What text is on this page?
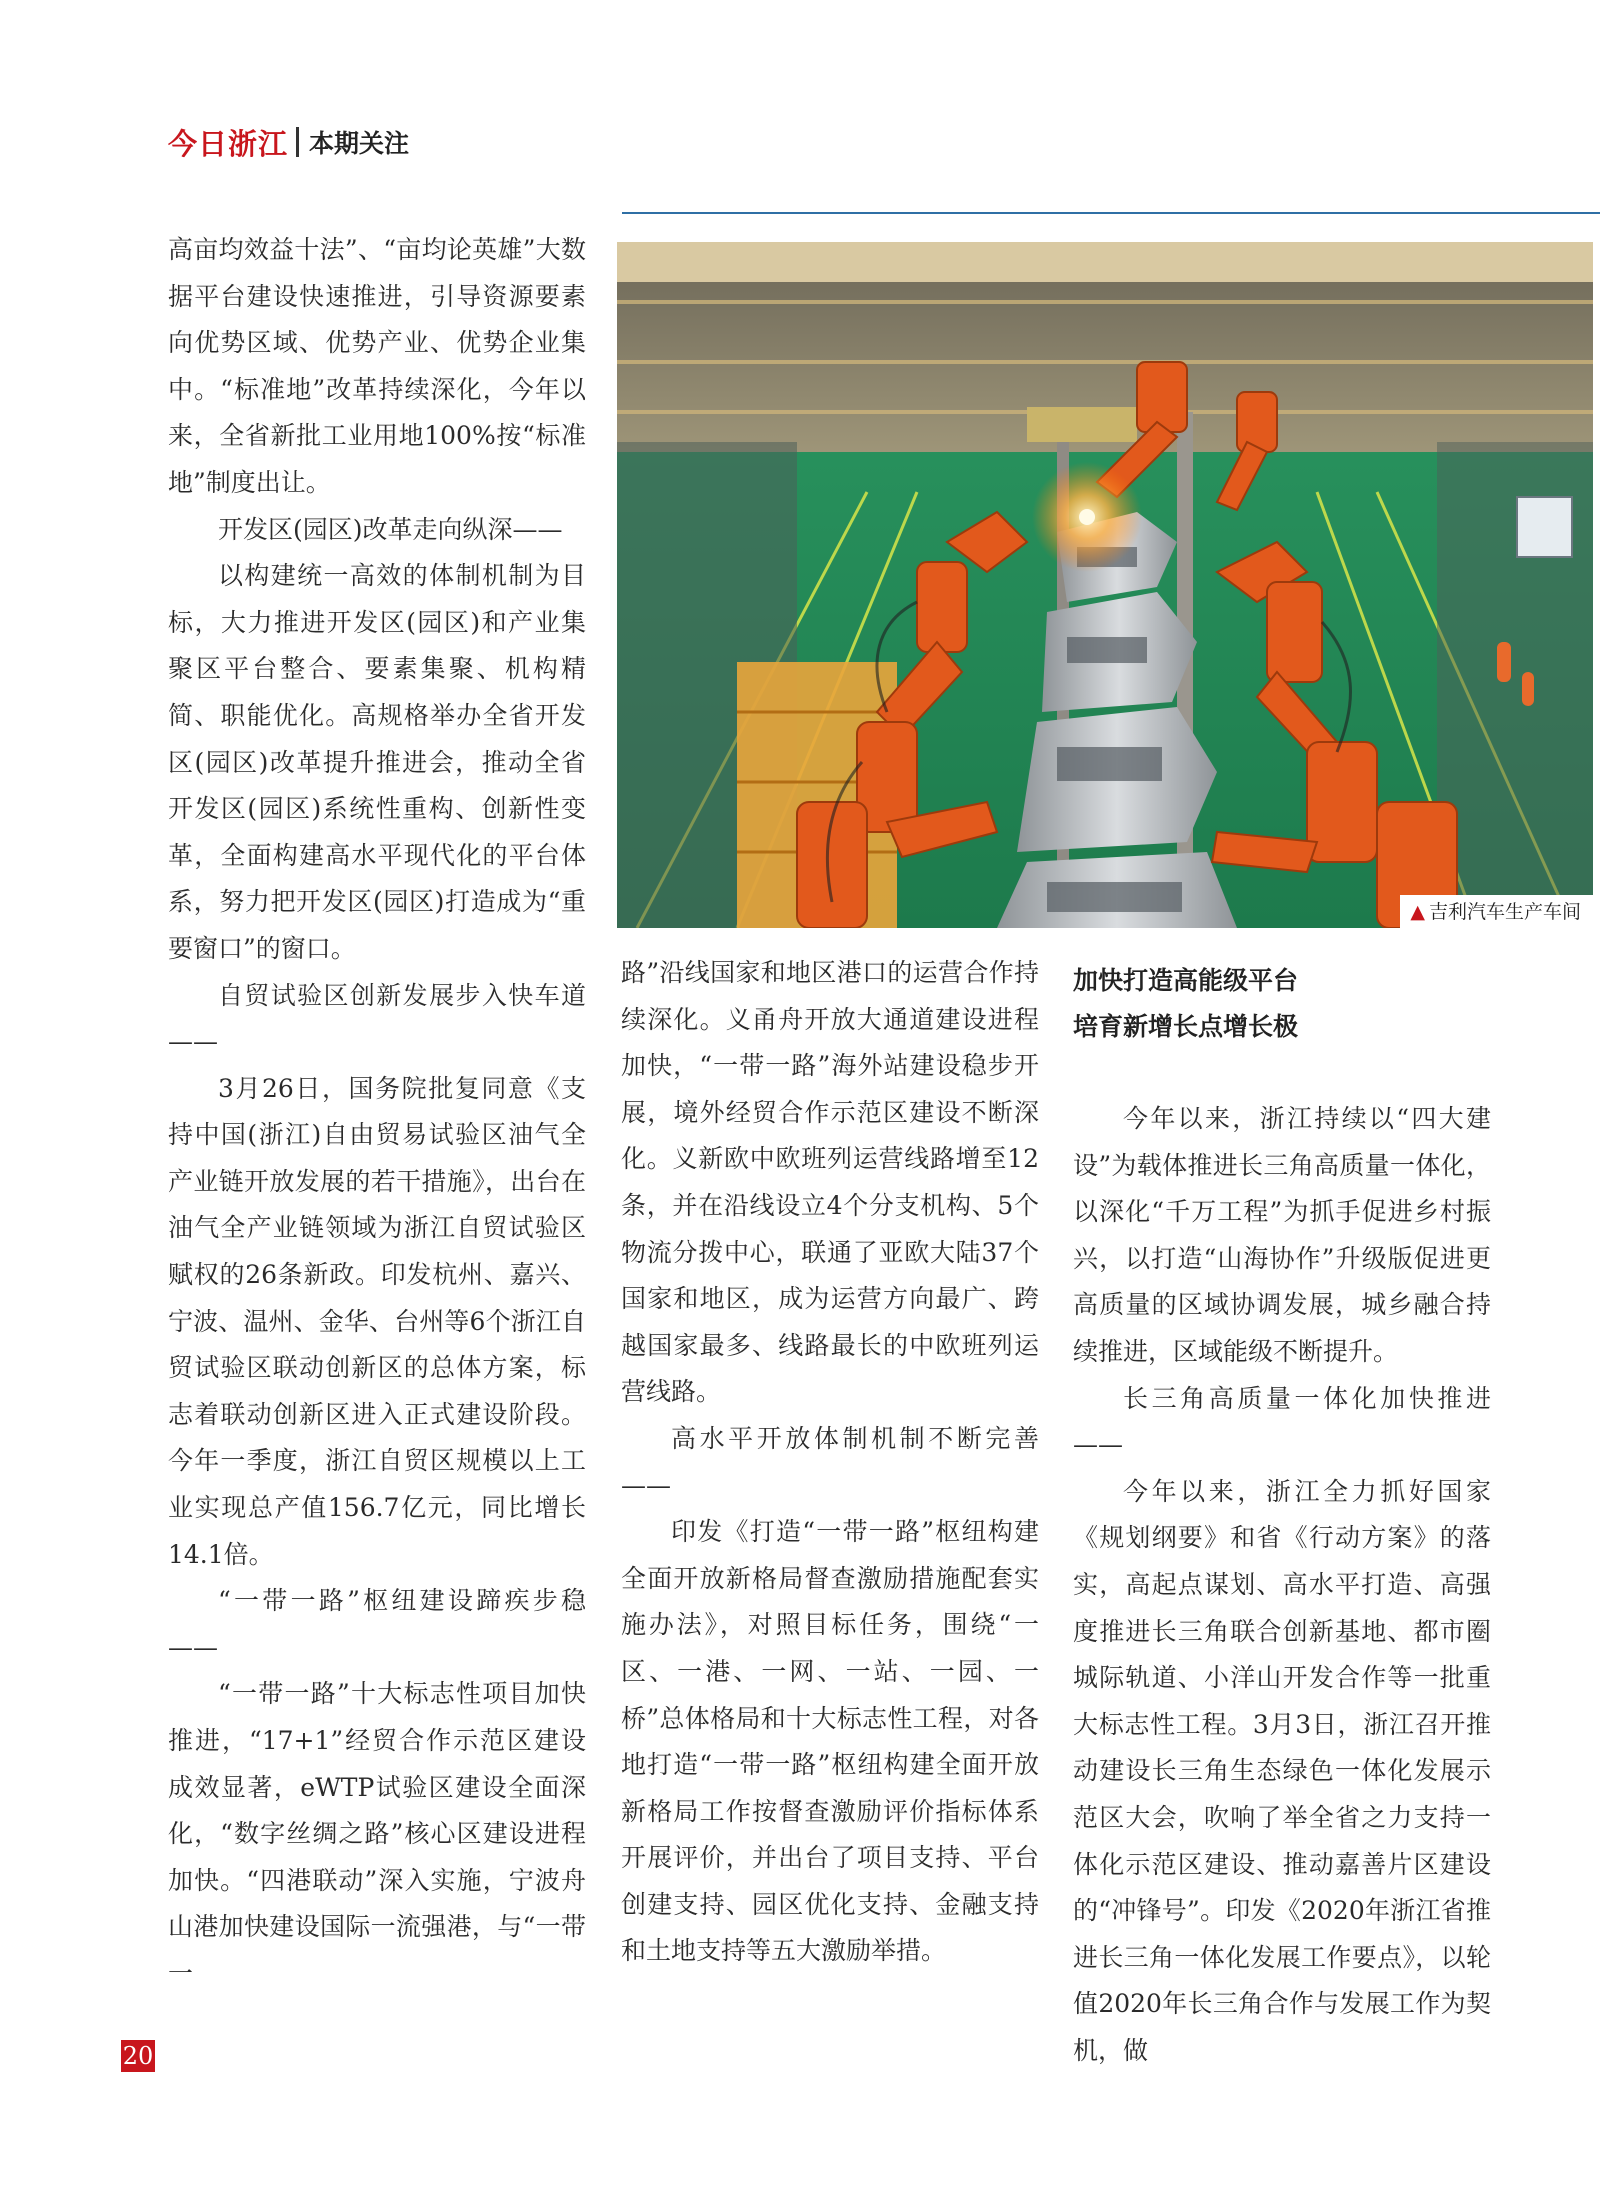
今日浙江 本期关注

高亩均效益十法”、“亩均论英雄”大数据平台建设快速推进，引导资源要素向优势区域、优势产业、优势企业集中。“标准地”改革持续深化，今年以来，全省新批工业用地100%按“标准地”制度出让。

开发区(园区)改革走向纵深——

以构建统一高效的体制机制为目标，大力推进开发区(园区)和产业集聚区平台整合、要素集聚、机构精简、职能优化。高规格举办全省开发区(园区)改革提升推进会，推动全省开发区(园区)系统性重构、创新性变革，全面构建高水平现代化的平台体系，努力把开发区(园区)打造成为“重要窗口”的窗口。

自贸试验区创新发展步入快车道——

3月26日，国务院批复同意《支持中国(浙江)自由贸易试验区油气全产业链开放发展的若干措施》，出台在油气全产业链领域为浙江自贸试验区赋权的26条新政。印发杭州、嘉兴、宁波、温州、金华、台州等6个浙江自贸试验区联动创新区的总体方案，标志着联动创新区进入正式建设阶段。今年一季度，浙江自贸区规模以上工业实现总产值156.7亿元，同比增长14.1倍。

“一带一路”枢纽建设蹄疾步稳——

“一带一路”十大标志性项目加快推进，“17+1”经贸合作示范区建设成效显著，eWTP试验区建设全面深化，“数字丝绸之路”核心区建设进程加快。“四港联动”深入实施，宁波舟山港加快建设国际一流强港，与“一带一

▲ 吉利汽车生产车间

路”沿线国家和地区港口的运营合作持续深化。义甬舟开放大通道建设进程加快，“一带一路”海外站建设稳步开展，境外经贸合作示范区建设不断深化。义新欧中欧班列运营线路增至12条，并在沿线设立4个分支机构、5个物流分拨中心，联通了亚欧大陆37个国家和地区，成为运营方向最广、跨越国家最多、线路最长的中欧班列运营线路。

高水平开放体制机制不断完善——

印发《打造“一带一路”枢纽构建全面开放新格局督查激励措施配套实施办法》，对照目标任务，围绕“一区、一港、一网、一站、一园、一桥”总体格局和十大标志性工程，对各地打造“一带一路”枢纽构建全面开放新格局工作按督查激励评价指标体系开展评价，并出台了项目支持、平台创建支持、园区优化支持、金融支持和土地支持等五大激励举措。

加快打造高能级平台
培育新增长点增长极

今年以来，浙江持续以“四大建设”为载体推进长三角高质量一体化，以深化“千万工程”为抓手促进乡村振兴，以打造“山海协作”升级版促进更高质量的区域协调发展，城乡融合持续推进，区域能级不断提升。

长三角高质量一体化加快推进——

今年以来，浙江全力抓好国家《规划纲要》和省《行动方案》的落实，高起点谋划、高水平打造、高强度推进长三角联合创新基地、都市圈城际轨道、小洋山开发合作等一批重大标志性工程。3月3日，浙江召开推动建设长三角生态绿色一体化发展示范区大会，吹响了举全省之力支持一体化示范区建设、推动嘉善片区建设的“冲锋号”。印发《2020年浙江省推进长三角一体化发展工作要点》，以轮值2020年长三角合作与发展工作为契机，做

20
